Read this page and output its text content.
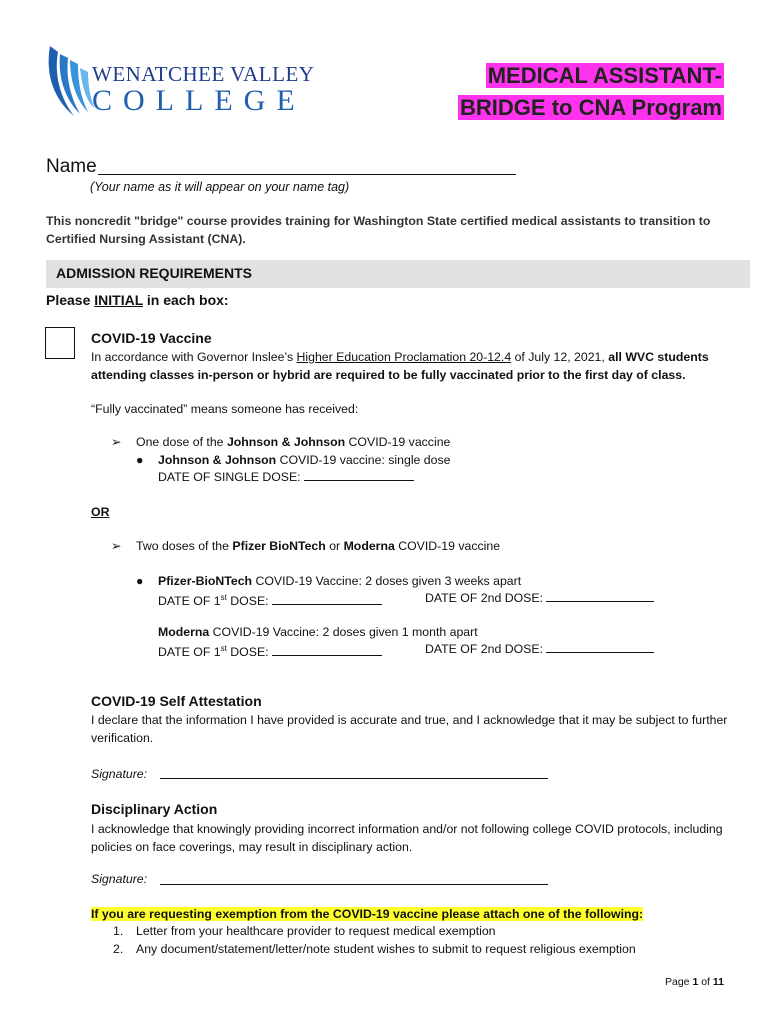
WENATCHEE VALLEY
COLLEGE
MEDICAL ASSISTANT-
BRIDGE to CNA Program
Name
(Your name as it will appear on your name tag)
This noncredit "bridge" course provides training for Washington State certified medical assistants to transition to Certified Nursing Assistant (CNA).
ADMISSION REQUIREMENTS
Please INITIAL in each box:
COVID-19 Vaccine
In accordance with Governor Inslee’s Higher Education Proclamation 20-12.4 of July 12, 2021, all WVC students attending classes in-person or hybrid are required to be fully vaccinated prior to the first day of class.
“Fully vaccinated” means someone has received:
➢ One dose of the Johnson & Johnson COVID-19 vaccine
● Johnson & Johnson COVID-19 vaccine: single dose
DATE OF SINGLE DOSE:
OR
➢ Two doses of the Pfizer BioNTech or Moderna COVID-19 vaccine
● Pfizer-BioNTech COVID-19 Vaccine: 2 doses given 3 weeks apart
DATE OF 1st DOSE:	DATE OF 2nd DOSE:
Moderna COVID-19 Vaccine: 2 doses given 1 month apart
DATE OF 1st DOSE:	DATE OF 2nd DOSE:
COVID-19 Self Attestation
I declare that the information I have provided is accurate and true, and I acknowledge that it may be subject to further verification.
Signature:
Disciplinary Action
I acknowledge that knowingly providing incorrect information and/or not following college COVID protocols, including policies on face coverings, may result in disciplinary action.
Signature:
If you are requesting exemption from the COVID-19 vaccine please attach one of the following:
1. Letter from your healthcare provider to request medical exemption
2. Any document/statement/letter/note student wishes to submit to request religious exemption
Page 1 of 11
